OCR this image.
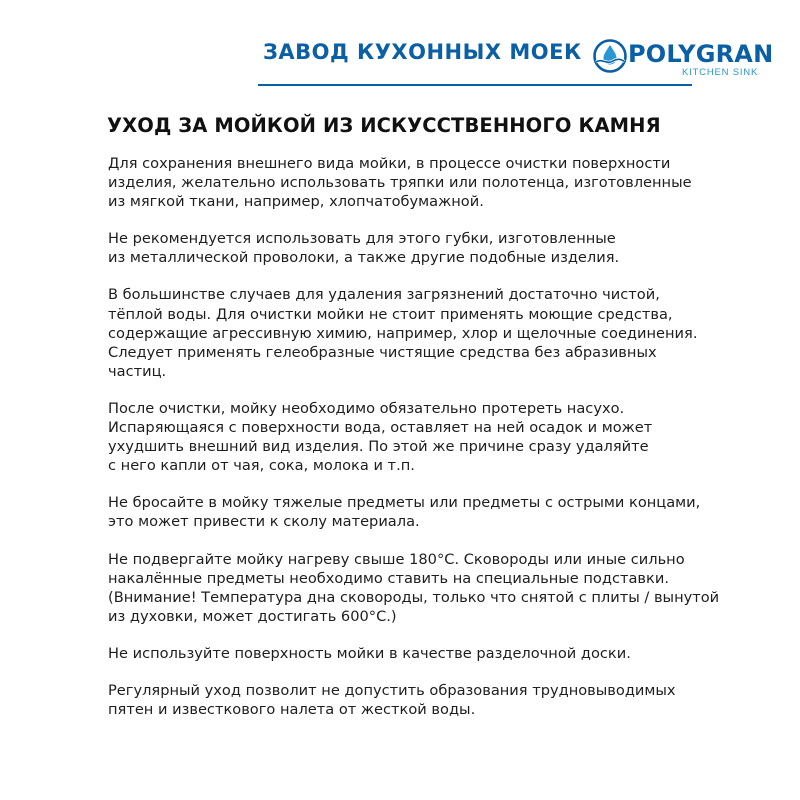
ЗАВОД КУХОННЫХ МОЕК POLYGRAN
KITCHEN SINK
УХОД ЗА МОЙКОЙ ИЗ ИСКУССТВЕННОГО КАМНЯ

Для сохранения внешнего вида мойки, в процессе очистки поверхности
изделия, желательно использовать тряпки или полотенца, изготовленные
из мягкой ткани, например, хлопчатобумажной.

Не рекомендуется использовать для этого губки, изготовленные
из металлической проволоки, а также другие подобные изделия.

В большинстве случаев для удаления загрязнений достаточно чистой,
тёплой воды. Для очистки мойки не стоит применять моющие средства,
содержащие агрессивную химию, например, хлор и щелочные соединения.
Следует применять гелеобразные чистящие средства без абразивных
частиц.

После очистки, мойку необходимо обязательно протереть насухо.
Испаряющаяся с поверхности вода, оставляет на ней осадок и может
ухудшить внешний вид изделия. По этой же причине сразу удаляйте
с него капли от чая, сока, молока и т.п.

Не бросайте в мойку тяжелые предметы или предметы с острыми концами,
это может привести к сколу материала.

Не подвергайте мойку нагреву свыше 180°С. Сковороды или иные сильно
накалённые предметы необходимо ставить на специальные подставки.
(Внимание! Температура дна сковороды, только что снятой с плиты / вынутой
из духовки, может достигать 600°С.)

Не используйте поверхность мойки в качестве разделочной доски.

Регулярный уход позволит не допустить образования трудновыводимых
пятен и известкового налета от жесткой воды.
